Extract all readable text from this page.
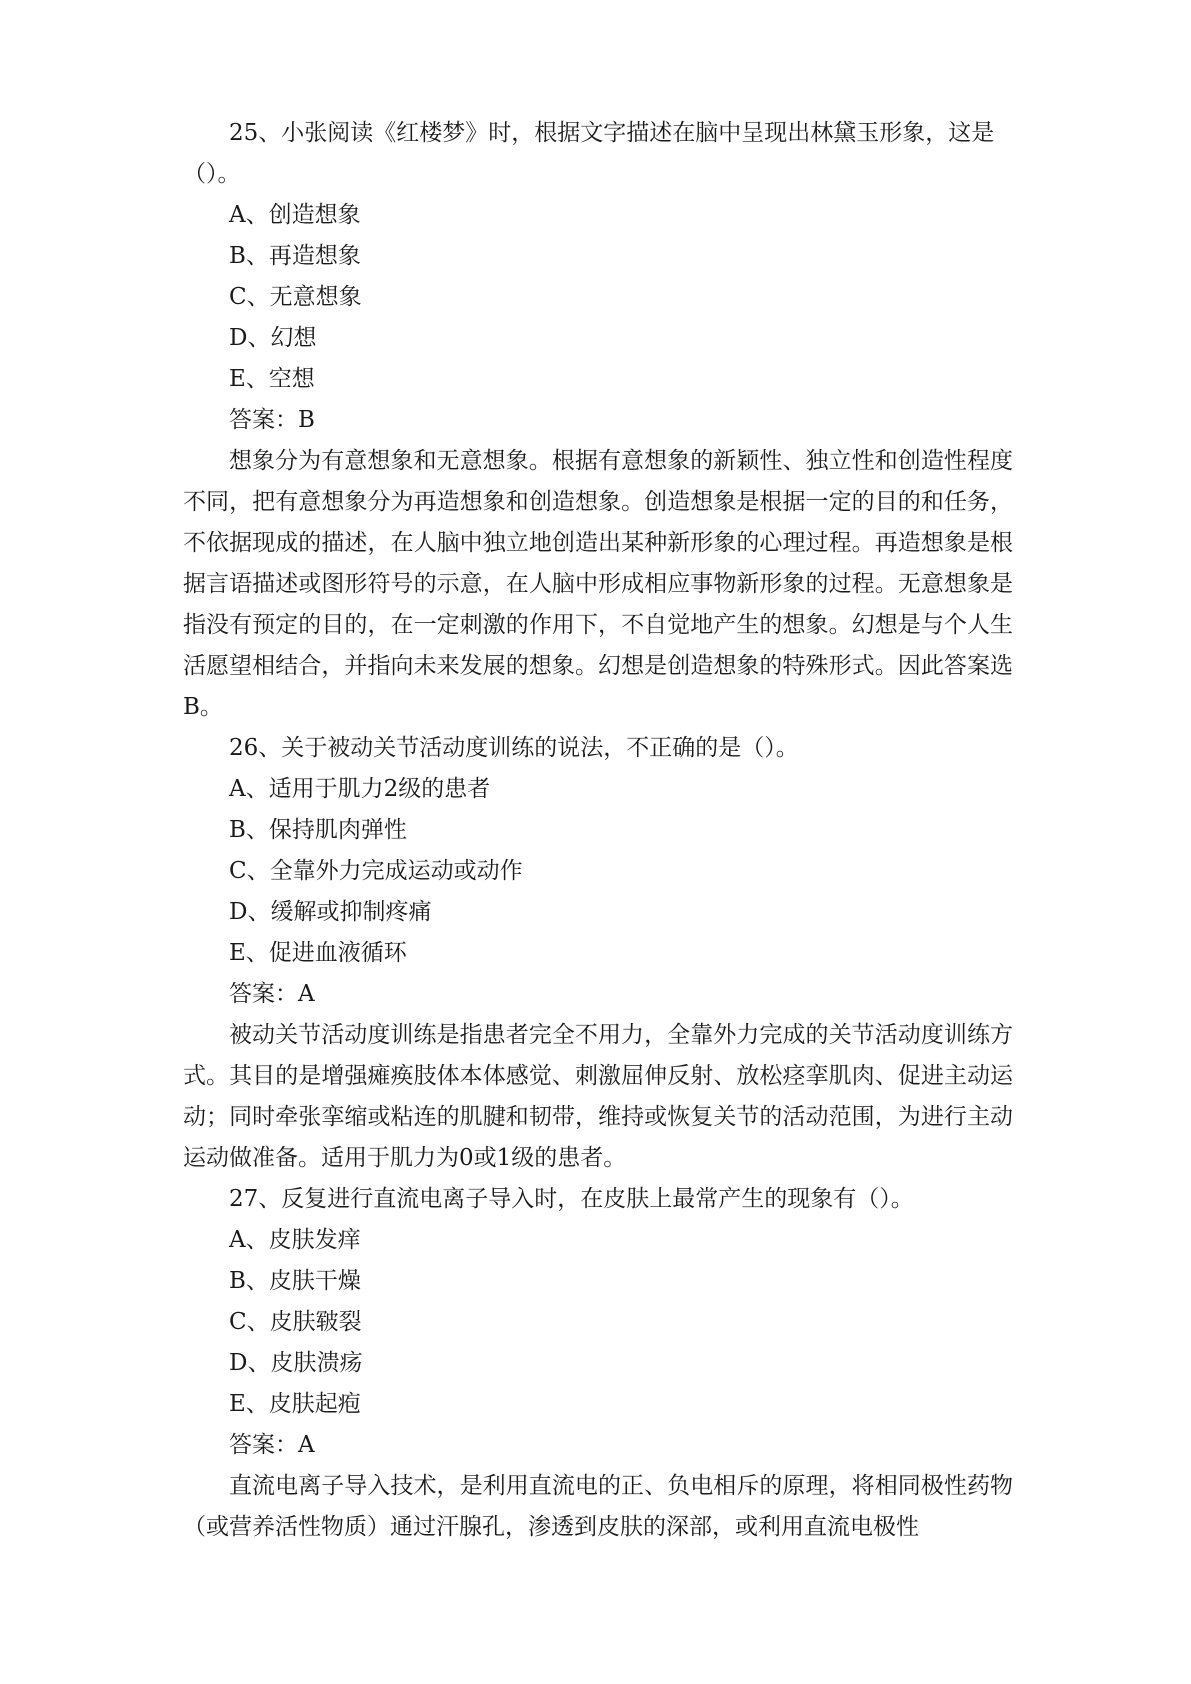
25、小张阅读《红楼梦》时，根据文字描述在脑中呈现出林黛玉形象，这是（）。

A、创造想象

B、再造想象

C、无意想象

D、幻想

E、空想

答案：B

想象分为有意想象和无意想象。根据有意想象的新颖性、独立性和创造性程度不同，把有意想象分为再造想象和创造想象。创造想象是根据一定的目的和任务，不依据现成的描述，在人脑中独立地创造出某种新形象的心理过程。再造想象是根据言语描述或图形符号的示意，在人脑中形成相应事物新形象的过程。无意想象是指没有预定的目的，在一定刺激的作用下，不自觉地产生的想象。幻想是与个人生活愿望相结合，并指向未来发展的想象。幻想是创造想象的特殊形式。因此答案选B。

26、关于被动关节活动度训练的说法，不正确的是（）。

A、适用于肌力2级的患者

B、保持肌肉弹性

C、全靠外力完成运动或动作

D、缓解或抑制疼痛

E、促进血液循环

答案：A

被动关节活动度训练是指患者完全不用力，全靠外力完成的关节活动度训练方式。其目的是增强瘫痪肢体本体感觉、刺激屈伸反射、放松痉挛肌肉、促进主动运动；同时牵张挛缩或粘连的肌腱和韧带，维持或恢复关节的活动范围，为进行主动运动做准备。适用于肌力为0或1级的患者。

27、反复进行直流电离子导入时，在皮肤上最常产生的现象有（）。

A、皮肤发痒

B、皮肤干燥

C、皮肤皲裂

D、皮肤溃疡

E、皮肤起疱

答案：A

直流电离子导入技术，是利用直流电的正、负电相斥的原理，将相同极性药物（或营养活性物质）通过汗腺孔，渗透到皮肤的深部，或利用直流电极性
